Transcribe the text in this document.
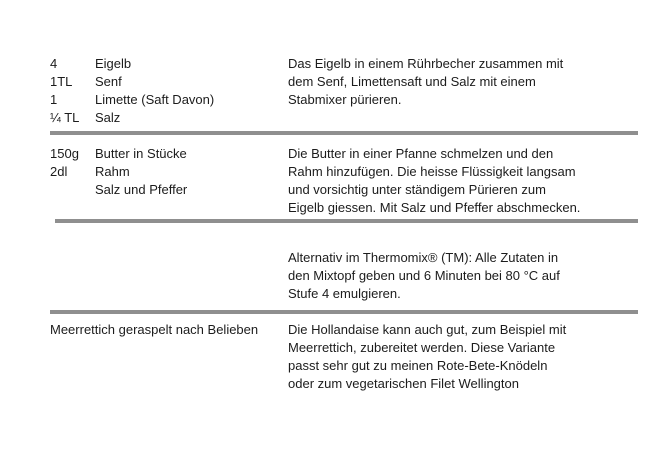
4
1TL
1
¼ TL
Eigelb
Senf
Limette (Saft Davon)
Salz
Das Eigelb in einem Rührbecher zusammen mit
dem Senf, Limettensaft und Salz mit einem
Stabmixer pürieren.
150g
2dl
Butter in Stücke
Rahm
Salz und Pfeffer
Die Butter in einer Pfanne schmelzen und den
Rahm hinzufügen. Die heisse Flüssigkeit langsam
und vorsichtig unter ständigem Pürieren zum
Eigelb giessen. Mit Salz und Pfeffer abschmecken.
Alternativ im Thermomix® (TM): Alle Zutaten in
den Mixtopf geben und 6 Minuten bei 80 °C auf
Stufe 4 emulgieren.
Meerrettich geraspelt nach Belieben Die Hollandaise kann auch gut, zum Beispiel mit
Meerrettich, zubereitet werden. Diese Variante
passt sehr gut zu meinen Rote-Bete-Knödeln
oder zum vegetarischen Filet Wellington
